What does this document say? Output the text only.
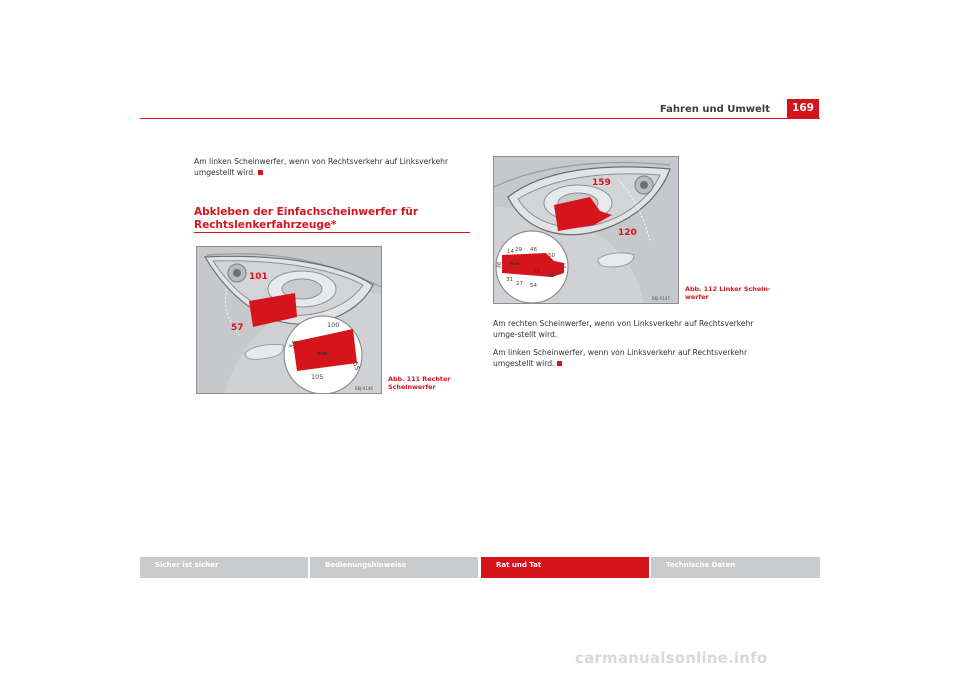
Fahren und Umwelt	169
Am linken Scheinwerfer, wenn von Rechtsverkehr auf Linksverkehr umgestellt wird.
Abkleben der Einfachscheinwerfer für Rechtslenkerfahrzeuge*
101
57
mm
100
56
55
105
B6J-0146
Abb. 111 Rechter Scheinwerfer
159
120
mm
14 29 46
50
36	10
31
27 54
39
12
B6J-0147
Abb. 112 Linker Schein-werfer
Am rechten Scheinwerfer, wenn von Linksverkehr auf Rechtsverkehr umge-stellt wird.
Am linken Scheinwerfer, wenn von Linksverkehr auf Rechtsverkehr umgestellt wird.
Sicher ist sicher	Bedienungshinweise	Rat und Tat	Technische Daten
carmanualsonline.info
